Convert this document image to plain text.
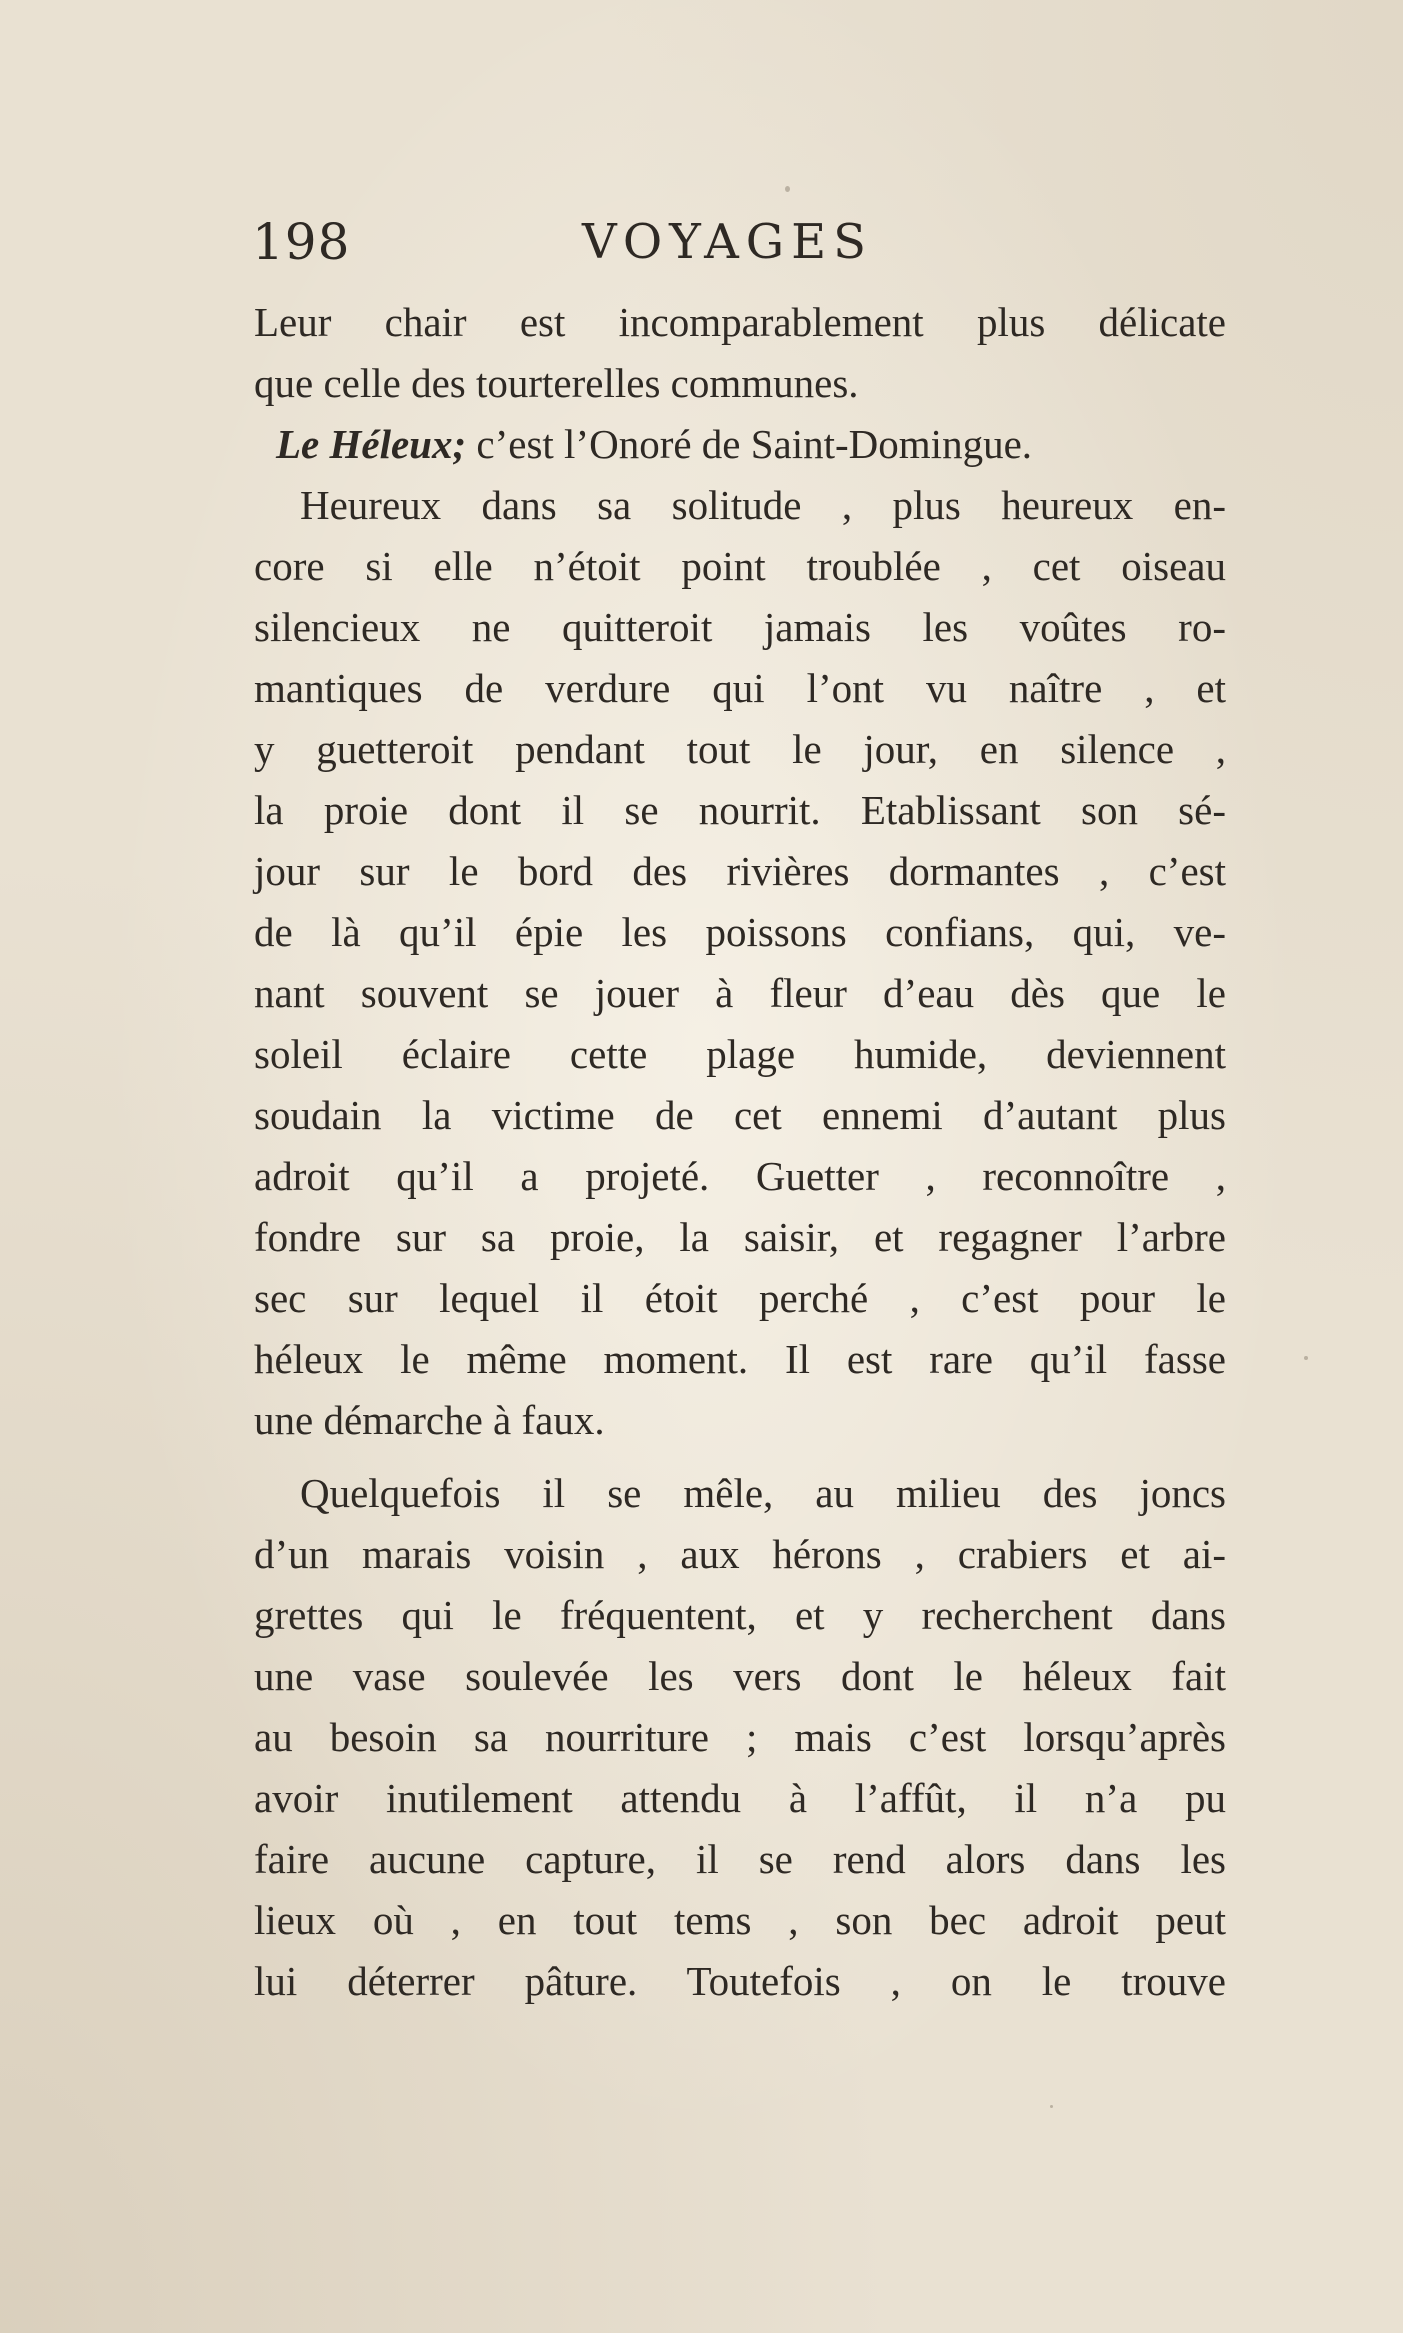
198	VOYAGES
Leur chair est incomparablement plus délicate
que celle des tourterelles communes.
Le Héleux; c’est l’Onoré de Saint-Domingue.
Heureux dans sa solitude , plus heureux en-
core si elle n’étoit point troublée , cet oiseau
silencieux ne quitteroit jamais les voûtes ro-
mantiques de verdure qui l’ont vu naître , et
y guetteroit pendant tout le jour, en silence ,
la proie dont il se nourrit. Etablissant son sé-
jour sur le bord des rivières dormantes , c’est
de là qu’il épie les poissons confians, qui, ve-
nant souvent se jouer à fleur d’eau dès que le
soleil éclaire cette plage humide, deviennent
soudain la victime de cet ennemi d’autant plus
adroit qu’il a projeté. Guetter , reconnoître ,
fondre sur sa proie, la saisir, et regagner l’arbre
sec sur lequel il étoit perché , c’est pour le
héleux le même moment. Il est rare qu’il fasse
une démarche à faux.
Quelquefois il se mêle, au milieu des joncs
d’un marais voisin , aux hérons , crabiers et ai-
grettes qui le fréquentent, et y recherchent dans
une vase soulevée les vers dont le héleux fait
au besoin sa nourriture ; mais c’est lorsqu’après
avoir inutilement attendu à l’affût, il n’a pu
faire aucune capture, il se rend alors dans les
lieux où , en tout tems , son bec adroit peut
lui déterrer pâture. Toutefois , on le trouve
